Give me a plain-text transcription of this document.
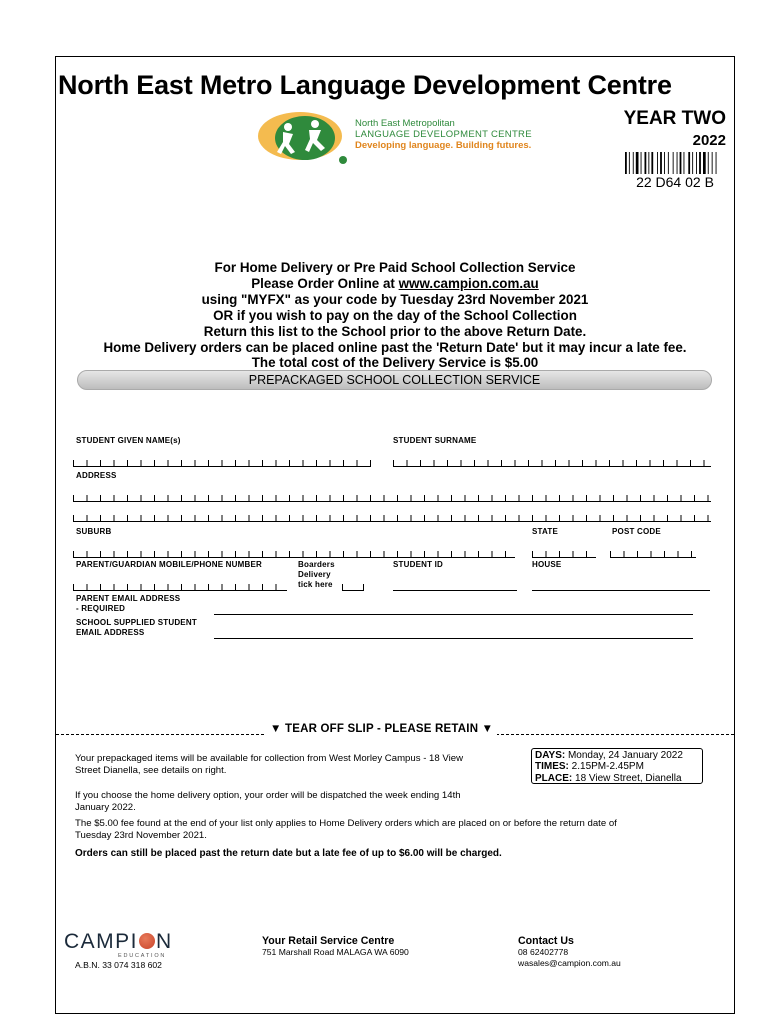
North East Metro Language Development Centre
North East Metropolitan
LANGUAGE DEVELOPMENT CENTRE
Developing language. Building futures.
YEAR TWO
2022
22 D64 02 B
For Home Delivery or Pre Paid School Collection Service
Please Order Online at www.campion.com.au
using "MYFX" as your code by Tuesday 23rd November 2021
OR if you wish to pay on the day of the School Collection
Return this list to the School prior to the above Return Date.
Home Delivery orders can be placed online past the 'Return Date' but it may incur a late fee.
The total cost of the Delivery Service is $5.00
PREPACKAGED SCHOOL COLLECTION SERVICE
STUDENT GIVEN NAME(s)	STUDENT SURNAME
ADDRESS
SUBURB	STATE	POST CODE
PARENT/GUARDIAN MOBILE/PHONE NUMBER	Boarders
Delivery
tick here
STUDENT ID	HOUSE
PARENT EMAIL ADDRESS
- REQUIRED
SCHOOL SUPPLIED STUDENT
EMAIL ADDRESS
▼ TEAR OFF SLIP - PLEASE RETAIN ▼
Your prepackaged items will be available for collection from West Morley Campus - 18 View
Street Dianella, see details on right.
DAYS: Monday, 24 January 2022
TIMES: 2.15PM-2.45PM
PLACE: 18 View Street, Dianella
If you choose the home delivery option, your order will be dispatched the week ending 14th
January 2022.
The $5.00 fee found at the end of your list only applies to Home Delivery orders which are placed on or before the return date of
Tuesday 23rd November 2021.
Orders can still be placed past the return date but a late fee of up to $6.00 will be charged.
CAMPI N
EDUCATION
A.B.N. 33 074 318 602
Your Retail Service Centre
751 Marshall Road MALAGA WA 6090
Contact Us
08 62402778
wasales@campion.com.au
